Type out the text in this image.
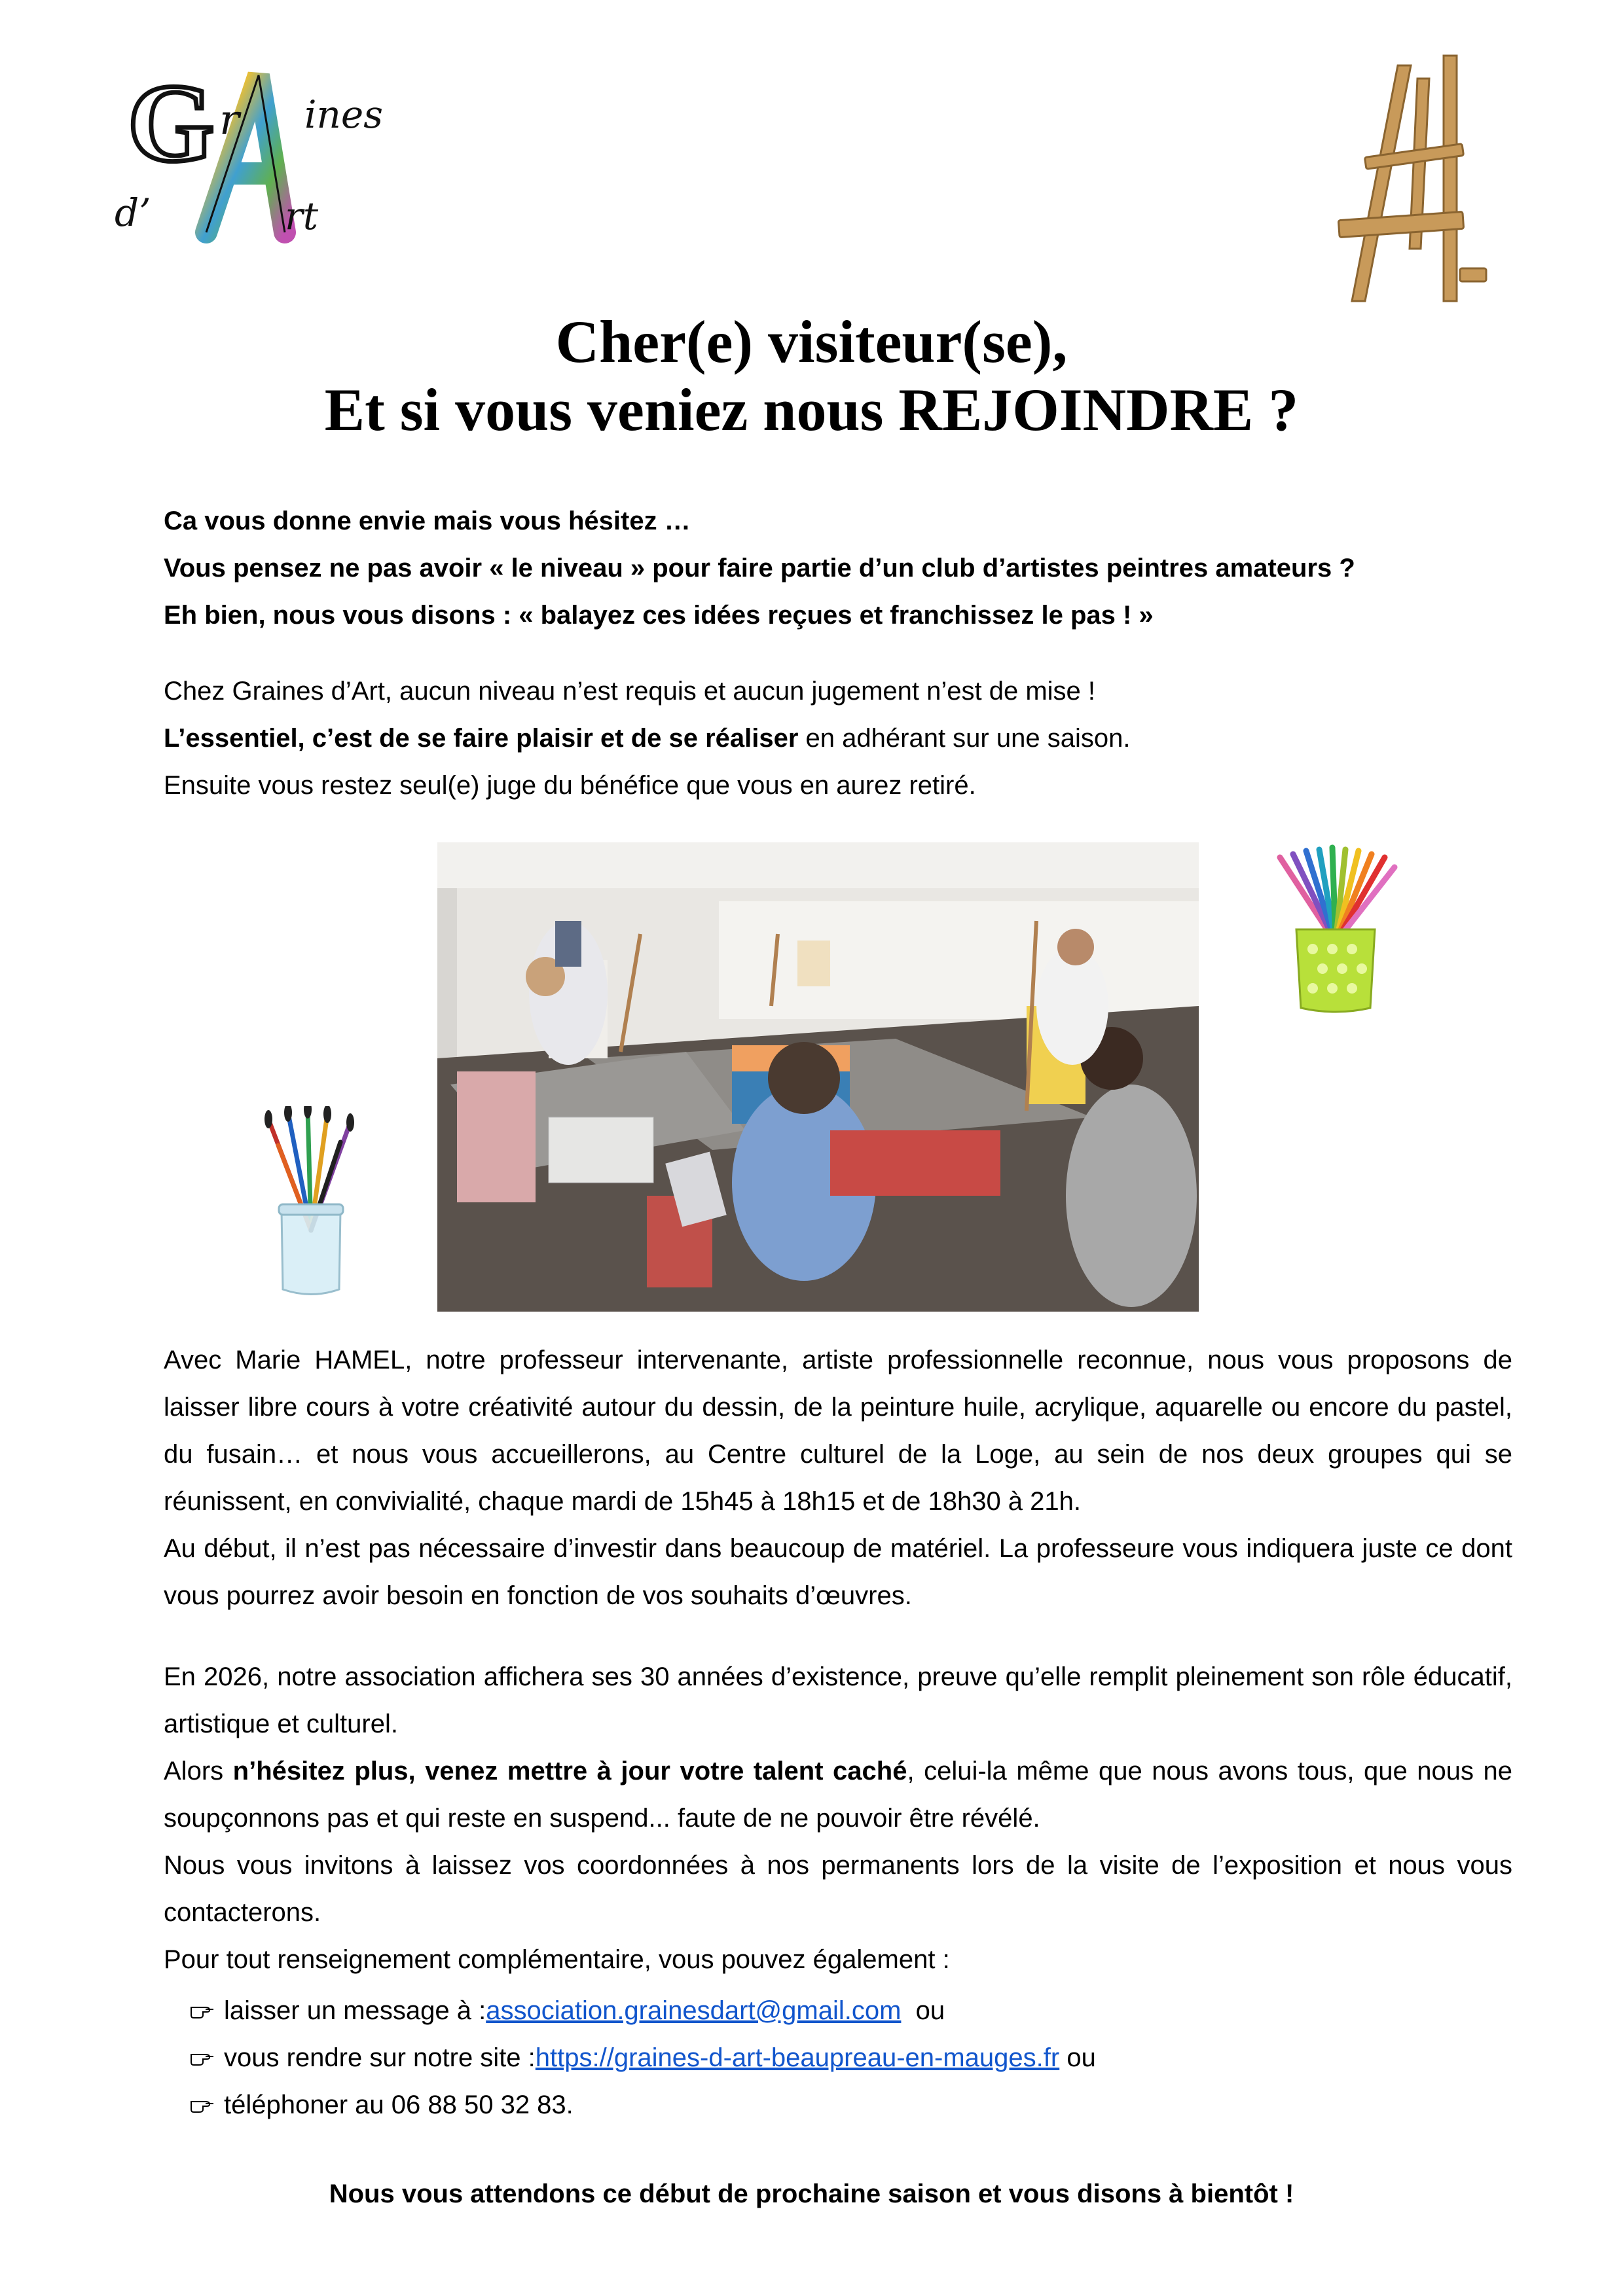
G r ines
d’	rt
Cher(e) visiteur(se),
Et si vous veniez nous REJOINDRE ?
Ca vous donne envie mais vous hésitez …
Vous pensez ne pas avoir « le niveau » pour faire partie d’un club d’artistes peintres amateurs ?
Eh bien, nous vous disons : « balayez ces idées reçues et franchissez le pas ! »
Chez Graines d’Art, aucun niveau n’est requis et aucun jugement n’est de mise !
L’essentiel, c’est de se faire plaisir et de se réaliser en adhérant sur une saison.
Ensuite vous restez seul(e) juge du bénéfice que vous en aurez retiré.
Avec Marie HAMEL, notre professeur intervenante, artiste professionnelle reconnue, nous vous proposons de laisser libre cours à votre créativité autour du dessin, de la peinture huile, acrylique, aquarelle ou encore du pastel, du fusain… et nous vous accueillerons, au Centre culturel de la Loge, au sein de nos deux groupes qui se réunissent, en convivialité, chaque mardi de 15h45 à 18h15 et de 18h30 à 21h.
Au début, il n’est pas nécessaire d’investir dans beaucoup de matériel. La professeure vous indiquera juste ce dont vous pourrez avoir besoin en fonction de vos souhaits d’œuvres.
En 2026, notre association affichera ses 30 années d’existence, preuve qu’elle remplit pleinement son rôle éducatif, artistique et culturel.
Alors n’hésitez plus, venez mettre à jour votre talent caché, celui-la même que nous avons tous, que nous ne soupçonnons pas et qui reste en suspend... faute de ne pouvoir être révélé.
Nous vous invitons à laissez vos coordonnées à nos permanents lors de la visite de l’exposition et nous vous contacterons.
Pour tout renseignement complémentaire, vous pouvez également :
laisser un message à : association.grainesdart@gmail.com ou
vous rendre sur notre site : https://graines-d-art-beaupreau-en-mauges.fr ou
téléphoner au 06 88 50 32 83.
Nous vous attendons ce début de prochaine saison et vous disons à bientôt !
